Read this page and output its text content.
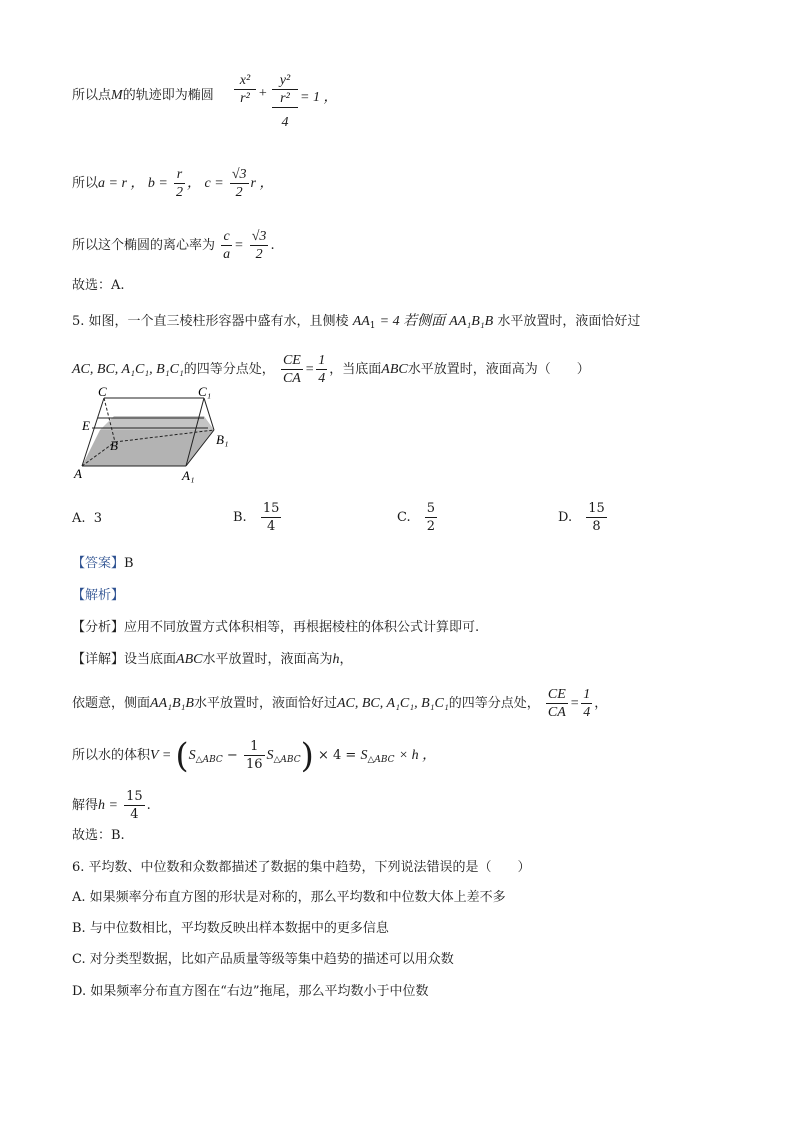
所以点M的轨迹即为椭圆 $\frac{\text{x²}}{\text{r²}}$ +
y²
r²
4
= 1 ，
所以a = r ， $b = \frac{r}{2}$ ， $c = \frac{√3}{2}$ r ，
所以这个椭圆的离心率为 $\frac{c}{a} = \frac{√3}{2}$ .
故选：A.
5. 如图，一个直三棱柱形容器中盛有水，且侧棱 $AA_1 = 4$ 若侧面 AA₁B₁B 水平放置时，液面恰好过
AC, BC, A₁C₁, B₁C₁的四等分点处， $\frac{CE}{CA} = \frac{1}{4}$ ，当底面ABC水平放置时，液面高为（　　）
C	C₁
E
B	B₁
A	A₁
A. 3	B. $\frac{15}{4}$	C. $\frac{5}{2}$	D. $\frac{15}{8}$
【答案】B
【解析】
【分析】应用不同放置方式体积相等，再根据棱柱的体积公式计算即可.
【详解】设当底面ABC水平放置时，液面高为h，
依题意，侧面AA₁B₁B水平放置时，液面恰好过AC, BC, A₁C₁, B₁C₁的四等分点处， $\frac{CE}{CA} = \frac{1}{4}$ ，
所以水的体积$V = (S_{\triangle ABC} - \frac{1}{16} S_{\triangle ABC}) \times 4 = S_{\triangle ABC} \times h$ ，
解得$h = \frac{15}{4}$ .
故选：B.
6. 平均数、中位数和众数都描述了数据的集中趋势，下列说法错误的是（　　）
A. 如果频率分布直方图的形状是对称的，那么平均数和中位数大体上差不多
B. 与中位数相比，平均数反映出样本数据中的更多信息
C. 对分类型数据，比如产品质量等级等集中趋势的描述可以用众数
D. 如果频率分布直方图在“右边”拖尾，那么平均数小于中位数
